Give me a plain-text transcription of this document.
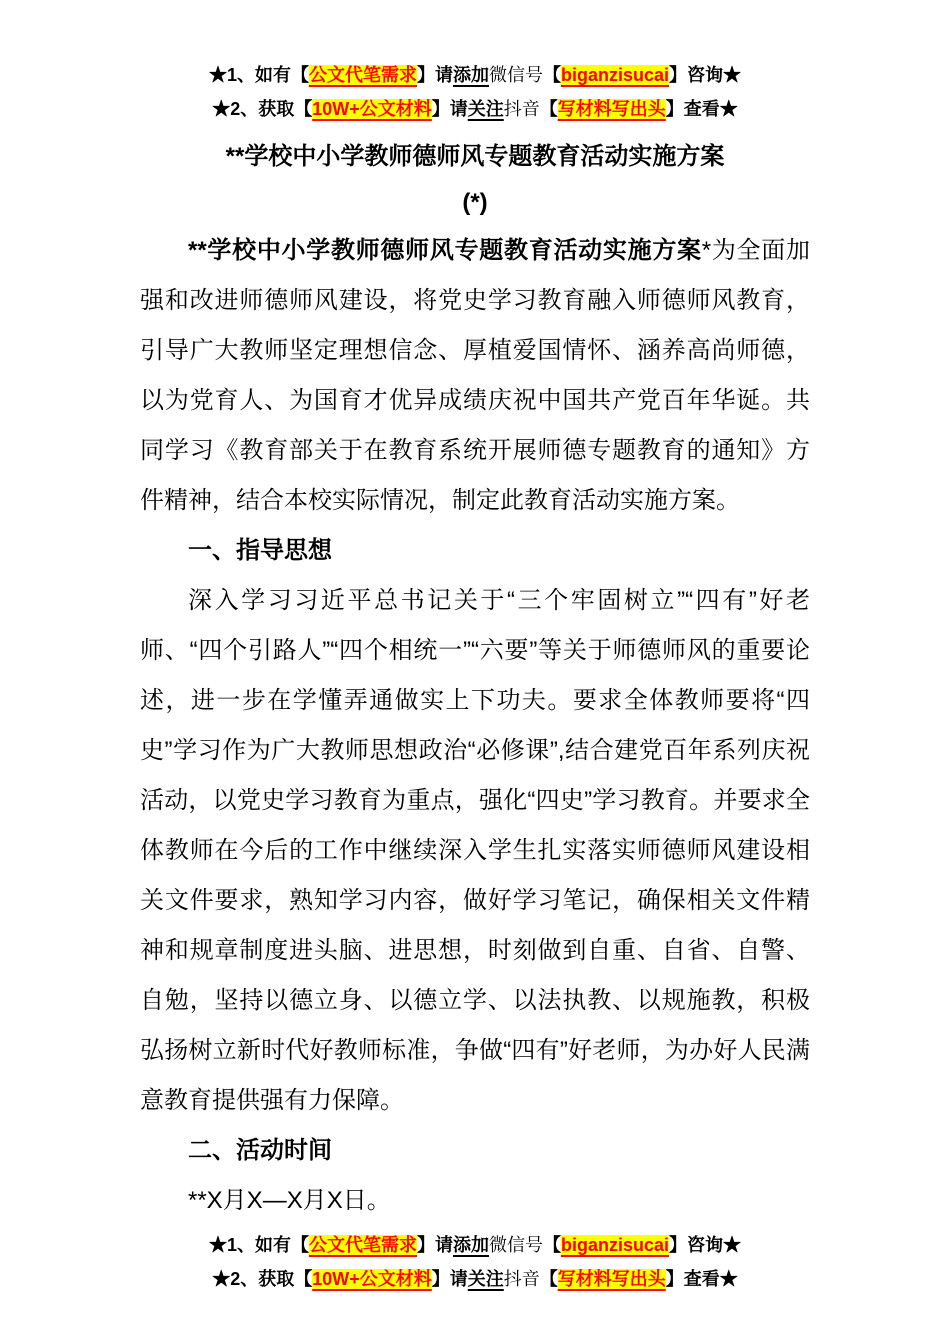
★1、如有【公文代笔需求】请添加微信号【biganzisucai】咨询★
★2、获取【10W+公文材料】请关注抖音【写材料写出头】查看★
**学校中小学教师德师风专题教育活动实施方案
(*)

**学校中小学教师德师风专题教育活动实施方案*为全面加强和改进师德师风建设，将党史学习教育融入师德师风教育，引导广大教师坚定理想信念、厚植爱国情怀、涵养高尚师德，以为党育人、为国育才优异成绩庆祝中国共产党百年华诞。共同学习《教育部关于在教育系统开展师德专题教育的通知》方件精神，结合本校实际情况，制定此教育活动实施方案。

一、指导思想

深入学习习近平总书记关于“三个牢固树立”“四有”好老师、“四个引路人”“四个相统一”“六要”等关于师德师风的重要论述，进一步在学懂弄通做实上下功夫。要求全体教师要将“四史”学习作为广大教师思想政治“必修课”,结合建党百年系列庆祝活动，以党史学习教育为重点，强化“四史”学习教育。并要求全体教师在今后的工作中继续深入学生扎实落实师德师风建设相关文件要求，熟知学习内容，做好学习笔记，确保相关文件精神和规章制度进头脑、进思想，时刻做到自重、自省、自警、自勉，坚持以德立身、以德立学、以法执教、以规施教，积极弘扬树立新时代好教师标准，争做“四有”好老师，为办好人民满意教育提供强有力保障。

二、活动时间

**X月X—X月X日。

★1、如有【公文代笔需求】请添加微信号【biganzisucai】咨询★
★2、获取【10W+公文材料】请关注抖音【写材料写出头】查看★
